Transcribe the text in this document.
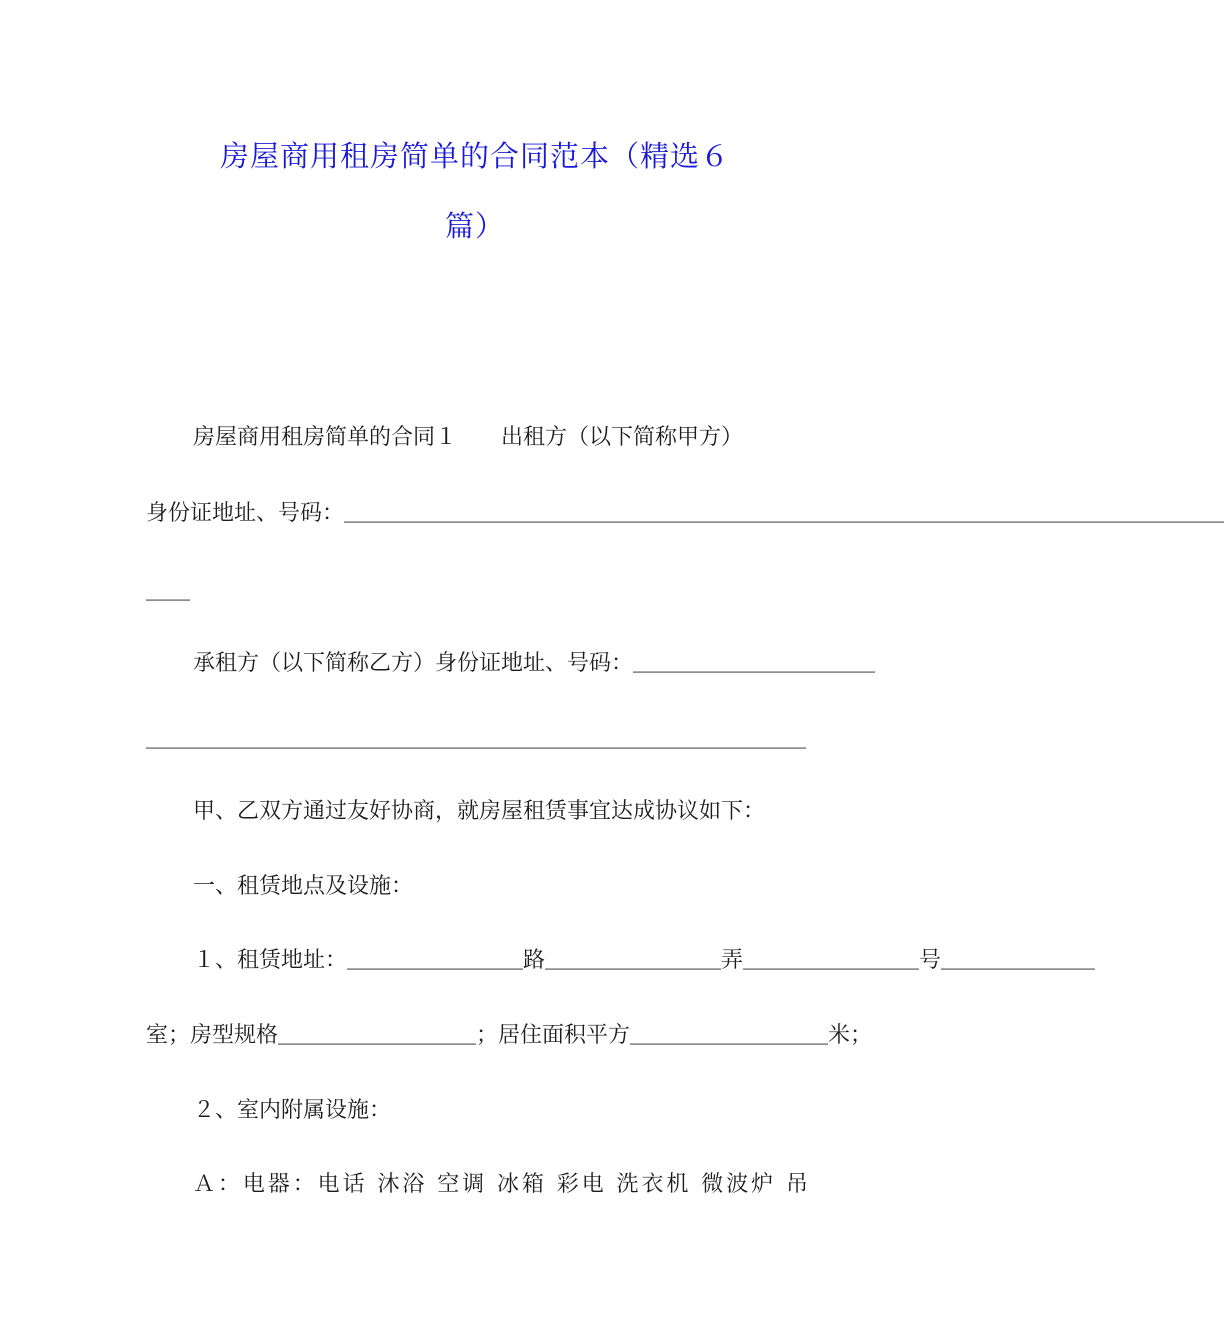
房屋商用租房简单的合同范本（精选６
篇）
房屋商用租房简单的合同１　　出租方（以下简称甲方）
身份证地址、号码：＿＿＿＿＿＿＿＿＿＿＿＿＿＿＿＿＿＿＿＿＿＿＿＿＿＿＿＿＿＿＿＿＿＿＿＿＿＿＿＿
＿＿
承租方（以下简称乙方）身份证地址、号码：＿＿＿＿＿＿＿＿＿＿＿
＿＿＿＿＿＿＿＿＿＿＿＿＿＿＿＿＿＿＿＿＿＿＿＿＿＿＿＿＿＿
甲、乙双方通过友好协商，就房屋租赁事宜达成协议如下：
一、租赁地点及设施：
１、租赁地址：＿＿＿＿＿＿＿＿路＿＿＿＿＿＿＿＿弄＿＿＿＿＿＿＿＿号＿＿＿＿＿＿＿
室；房型规格＿＿＿＿＿＿＿＿＿；居住面积平方＿＿＿＿＿＿＿＿＿米；
２、室内附属设施：
Ａ：电器：电话 沐浴 空调 冰箱 彩电 洗衣机 微波炉 吊
